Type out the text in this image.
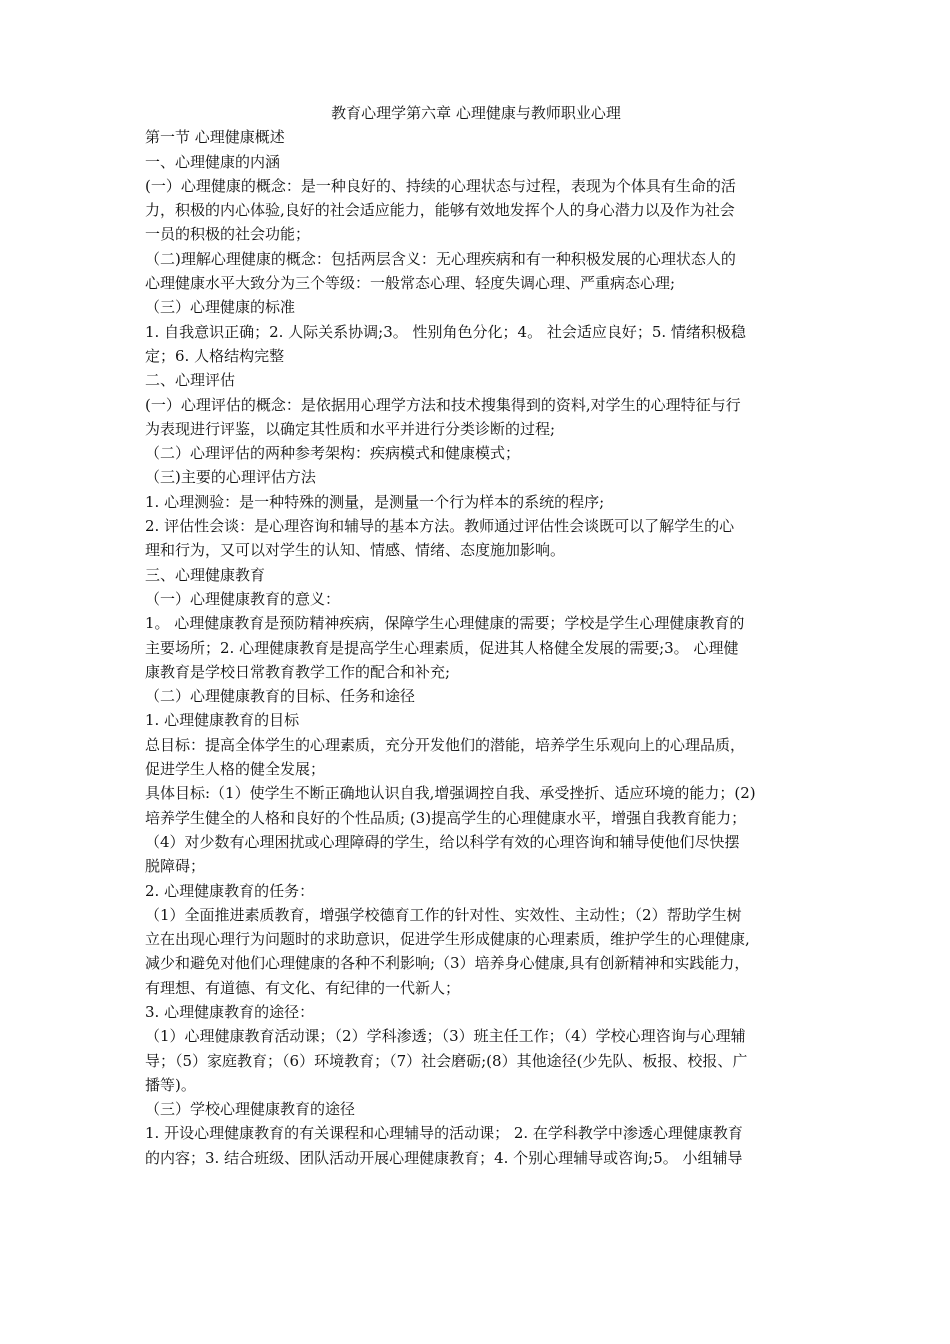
教育心理学第六章 心理健康与教师职业心理

第一节 心理健康概述

一、心理健康的内涵

(一）心理健康的概念：是一种良好的、持续的心理状态与过程，表现为个体具有生命的活

力，积极的内心体验,良好的社会适应能力，能够有效地发挥个人的身心潜力以及作为社会

一员的积极的社会功能；

（二)理解心理健康的概念：包括两层含义：无心理疾病和有一种积极发展的心理状态人的

心理健康水平大致分为三个等级：一般常态心理、轻度失调心理、严重病态心理;

（三）心理健康的标准

1. 自我意识正确；2. 人际关系协调;3。 性别角色分化；4。 社会适应良好；5. 情绪积极稳

定；6. 人格结构完整

二、心理评估

(一）心理评估的概念：是依据用心理学方法和技术搜集得到的资料,对学生的心理特征与行

为表现进行评鉴，以确定其性质和水平并进行分类诊断的过程;

（二）心理评估的两种参考架构：疾病模式和健康模式；

（三)主要的心理评估方法

1. 心理测验：是一种特殊的测量，是测量一个行为样本的系统的程序;

2. 评估性会谈：是心理咨询和辅导的基本方法。教师通过评估性会谈既可以了解学生的心

理和行为，又可以对学生的认知、情感、情绪、态度施加影响。

三、心理健康教育

（一）心理健康教育的意义：

1。 心理健康教育是预防精神疾病，保障学生心理健康的需要；学校是学生心理健康教育的

主要场所；2. 心理健康教育是提高学生心理素质，促进其人格健全发展的需要;3。 心理健

康教育是学校日常教育教学工作的配合和补充;

（二）心理健康教育的目标、任务和途径

1. 心理健康教育的目标

总目标：提高全体学生的心理素质，充分开发他们的潜能，培养学生乐观向上的心理品质，

促进学生人格的健全发展；

具体目标:（1）使学生不断正确地认识自我,增强调控自我、承受挫折、适应环境的能力；(2)

培养学生健全的人格和良好的个性品质; (3)提高学生的心理健康水平，增强自我教育能力；

（4）对少数有心理困扰或心理障碍的学生，给以科学有效的心理咨询和辅导使他们尽快摆

脱障碍；

2. 心理健康教育的任务：

（1）全面推进素质教育，增强学校德育工作的针对性、实效性、主动性；（2）帮助学生树

立在出现心理行为问题时的求助意识，促进学生形成健康的心理素质，维护学生的心理健康,

减少和避免对他们心理健康的各种不利影响;（3）培养身心健康,具有创新精神和实践能力，

有理想、有道德、有文化、有纪律的一代新人；

3. 心理健康教育的途径：

（1）心理健康教育活动课；（2）学科渗透；（3）班主任工作；（4）学校心理咨询与心理辅

导；（5）家庭教育；（6）环境教育；（7）社会磨砺;(8）其他途径(少先队、板报、校报、广

播等)。

（三）学校心理健康教育的途径

1. 开设心理健康教育的有关课程和心理辅导的活动课； 2. 在学科教学中渗透心理健康教育

的内容；3. 结合班级、团队活动开展心理健康教育；4. 个别心理辅导或咨询;5。 小组辅导
